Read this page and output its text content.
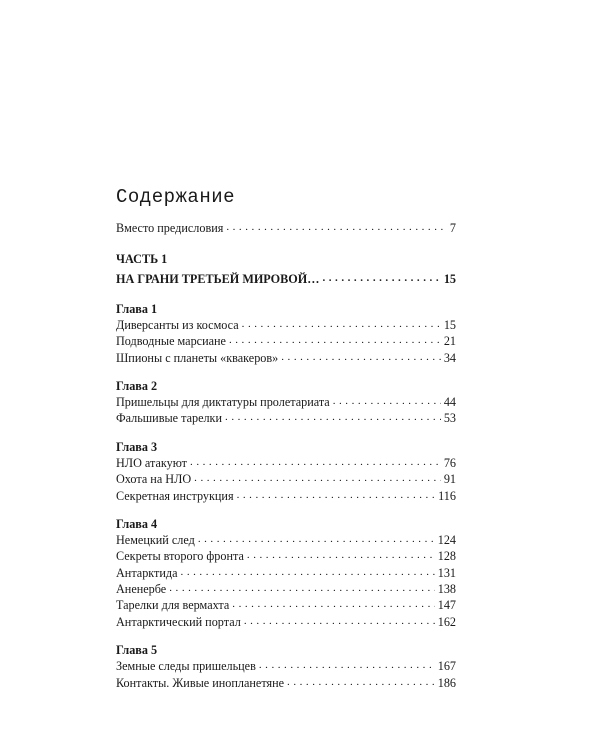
Содержание
Вместо предисловия . . .	7
ЧАСТЬ 1
НА ГРАНИ ТРЕТЬЕЙ МИРОВОЙ… . . .	15
Глава 1
Диверсанты из космоса . . .	15
Подводные марсиане . . .	21
Шпионы с планеты «квакеров» . . .	34
Глава 2
Пришельцы для диктатуры пролетариата . . .	44
Фальшивые тарелки . . .	53
Глава 3
НЛО атакуют . . .	76
Охота на НЛО . . .	91
Секретная инструкция . . .	116
Глава 4
Немецкий след . . .	124
Секреты второго фронта . . .	128
Антарктида . . .	131
Аненербе . . .	138
Тарелки для вермахта . . .	147
Антарктический портал . . .	162
Глава 5
Земные следы пришельцев . . .	167
Контакты. Живые инопланетяне . . .	186
